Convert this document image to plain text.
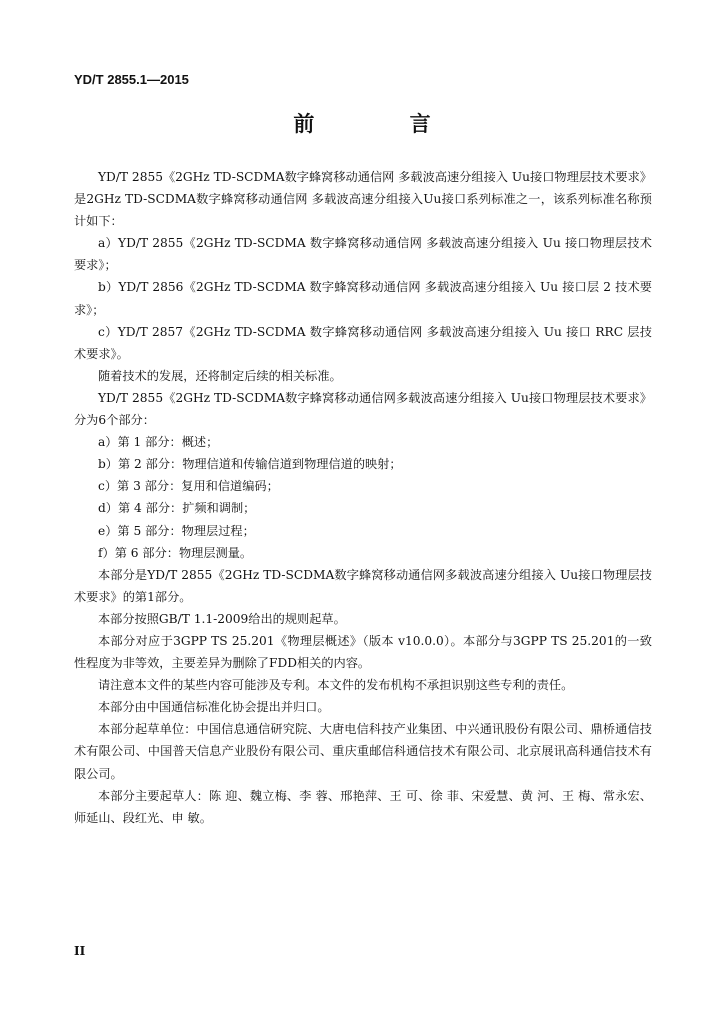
YD/T 2855.1—2015
前 言

YD/T 2855《2GHz TD-SCDMA数字蜂窝移动通信网 多载波高速分组接入 Uu接口物理层技术要求》是2GHz TD-SCDMA数字蜂窝移动通信网 多载波高速分组接入Uu接口系列标准之一，该系列标准名称预计如下：

a）YD/T 2855《2GHz TD-SCDMA 数字蜂窝移动通信网 多载波高速分组接入 Uu 接口物理层技术要求》；

b）YD/T 2856《2GHz TD-SCDMA 数字蜂窝移动通信网 多载波高速分组接入 Uu 接口层 2 技术要求》；

c）YD/T 2857《2GHz TD-SCDMA 数字蜂窝移动通信网 多载波高速分组接入 Uu 接口 RRC 层技术要求》。

随着技术的发展，还将制定后续的相关标准。

YD/T 2855《2GHz TD-SCDMA数字蜂窝移动通信网多载波高速分组接入 Uu接口物理层技术要求》分为6个部分：

a）第 1 部分：概述；

b）第 2 部分：物理信道和传输信道到物理信道的映射；

c）第 3 部分：复用和信道编码；

d）第 4 部分：扩频和调制；

e）第 5 部分：物理层过程；

f）第 6 部分：物理层测量。

本部分是YD/T 2855《2GHz TD-SCDMA数字蜂窝移动通信网多载波高速分组接入 Uu接口物理层技术要求》的第1部分。

本部分按照GB/T 1.1-2009给出的规则起草。

本部分对应于3GPP TS 25.201《物理层概述》（版本 v10.0.0）。本部分与3GPP TS 25.201的一致性程度为非等效，主要差异为删除了FDD相关的内容。

请注意本文件的某些内容可能涉及专利。本文件的发布机构不承担识别这些专利的责任。

本部分由中国通信标准化协会提出并归口。

本部分起草单位：中国信息通信研究院、大唐电信科技产业集团、中兴通讯股份有限公司、鼎桥通信技术有限公司、中国普天信息产业股份有限公司、重庆重邮信科通信技术有限公司、北京展讯高科通信技术有限公司。

本部分主要起草人：陈 迎、魏立梅、李 蓉、邢艳萍、王 可、徐 菲、宋爱慧、黄 河、王 梅、常永宏、师延山、段红光、申 敏。

II
